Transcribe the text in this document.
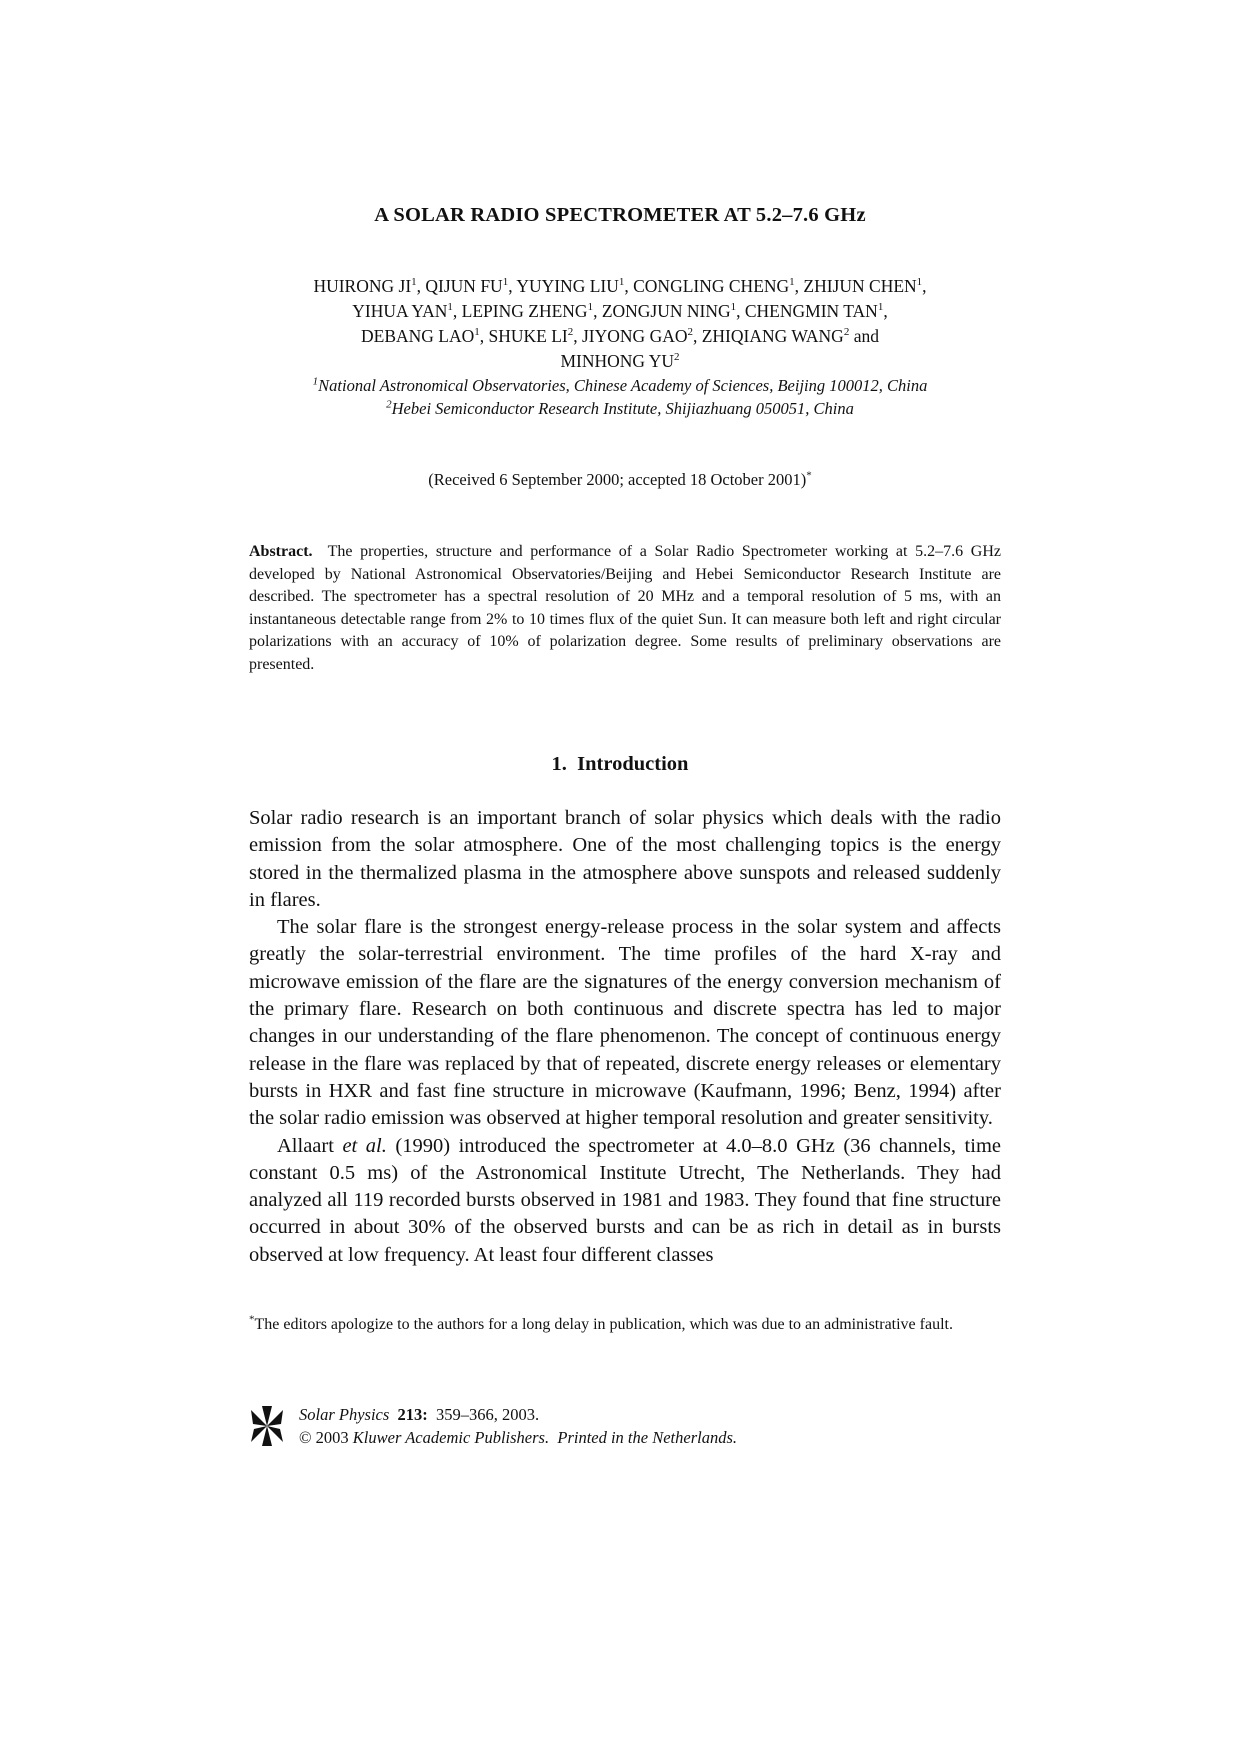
A SOLAR RADIO SPECTROMETER AT 5.2–7.6 GHz
HUIRONG $JI^1$, QIJUN $FU^1$, YUYING LIU$^1$, CONGLING CHENG$^1$, ZHIJUN CHEN$^1$,
YIHUA YAN$^1$, LEPING ZHENG$^1$, ZONGJUN NING$^1$, CHENGMIN TAN$^1$,
DEBANG LAO$^1$, SHUKE $LI^2$, JIYONG GAO$^2$, ZHIQIANG WANG$^2$ and
MINHONG $YU^2$
$^1$National Astronomical Observatories, Chinese Academy of Sciences, Beijing 100012, China
$^2$Hebei Semiconductor Research Institute, Shijiazhuang 050051, China
(Received 6 September 2000; accepted 18 October 2001)*
Abstract. The properties, structure and performance of a Solar Radio Spectrometer working at 5.2–7.6 GHz developed by National Astronomical Observatories/Beijing and Hebei Semiconductor Research Institute are described. The spectrometer has a spectral resolution of 20 MHz and a temporal resolution of 5 ms, with an instantaneous detectable range from 2% to 10 times flux of the quiet Sun. It can measure both left and right circular polarizations with an accuracy of 10% of polarization degree. Some results of preliminary observations are presented.
1. Introduction

Solar radio research is an important branch of solar physics which deals with the radio emission from the solar atmosphere. One of the most challenging topics is the energy stored in the thermalized plasma in the atmosphere above sunspots and released suddenly in flares.

The solar flare is the strongest energy-release process in the solar system and affects greatly the solar-terrestrial environment. The time profiles of the hard X-ray and microwave emission of the flare are the signatures of the energy conversion mechanism of the primary flare. Research on both continuous and discrete spectra has led to major changes in our understanding of the flare phenomenon. The concept of continuous energy release in the flare was replaced by that of repeated, discrete energy releases or elementary bursts in HXR and fast fine structure in microwave (Kaufmann, 1996; Benz, 1994) after the solar radio emission was observed at higher temporal resolution and greater sensitivity.

Allaart et al. (1990) introduced the spectrometer at 4.0–8.0 GHz (36 channels, time constant 0.5 ms) of the Astronomical Institute Utrecht, The Netherlands. They had analyzed all 119 recorded bursts observed in 1981 and 1983. They found that fine structure occurred in about 30% of the observed bursts and can be as rich in detail as in bursts observed at low frequency. At least four different classes

*The editors apologize to the authors for a long delay in publication, which was due to an administrative fault.
Solar Physics 213: 359–366, 2003.
© 2003 Kluwer Academic Publishers. Printed in the Netherlands.
